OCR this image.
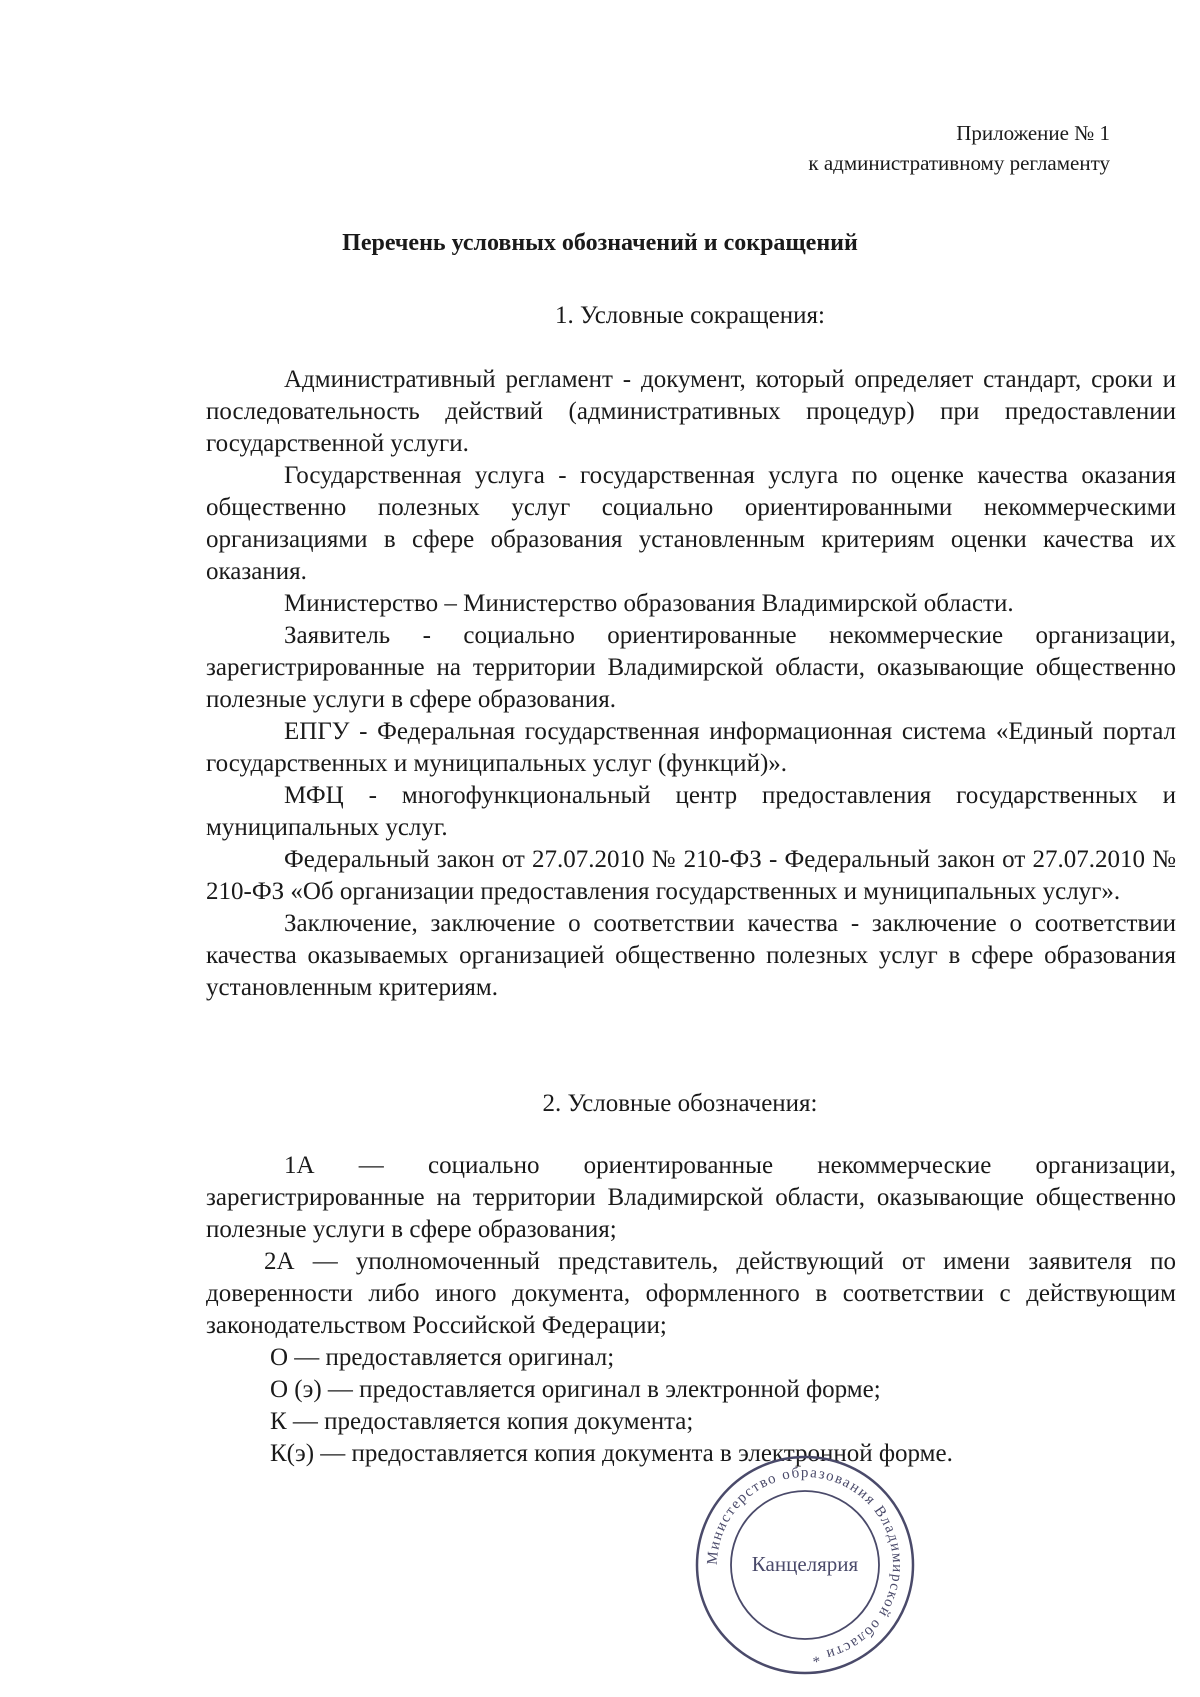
Приложение № 1
к административному регламенту
Перечень условных обозначений и сокращений
1. Условные сокращения:

Административный регламент - документ, который определяет стандарт, сроки и последовательность действий (административных процедур) при предоставлении государственной услуги.

Государственная услуга - государственная услуга по оценке качества оказания общественно полезных услуг социально ориентированными некоммерческими организациями в сфере образования установленным критериям оценки качества их оказания.

Министерство – Министерство образования Владимирской области.

Заявитель - социально ориентированные некоммерческие организации, зарегистрированные на территории Владимирской области, оказывающие общественно полезные услуги в сфере образования.

ЕПГУ - Федеральная государственная информационная система «Единый портал государственных и муниципальных услуг (функций)».

МФЦ - многофункциональный центр предоставления государственных и муниципальных услуг.

Федеральный закон от 27.07.2010 № 210-ФЗ - Федеральный закон от 27.07.2010 № 210-ФЗ «Об организации предоставления государственных и муниципальных услуг».

Заключение, заключение о соответствии качества - заключение о соответствии качества оказываемых организацией общественно полезных услуг в сфере образования установленным критериям.

2. Условные обозначения:

1А — социально ориентированные некоммерческие организации, зарегистрированные на территории Владимирской области, оказывающие общественно полезные услуги в сфере образования;

2А — уполномоченный представитель, действующий от имени заявителя по доверенности либо иного документа, оформленного в соответствии с действующим законодательством Российской Федерации;

О — предоставляется оригинал;

О (э) — предоставляется оригинал в электронной форме;

К — предоставляется копия документа;

К(э) — предоставляется копия документа в электронной форме.

Министерство образования Владимирской области *
Канцелярия
